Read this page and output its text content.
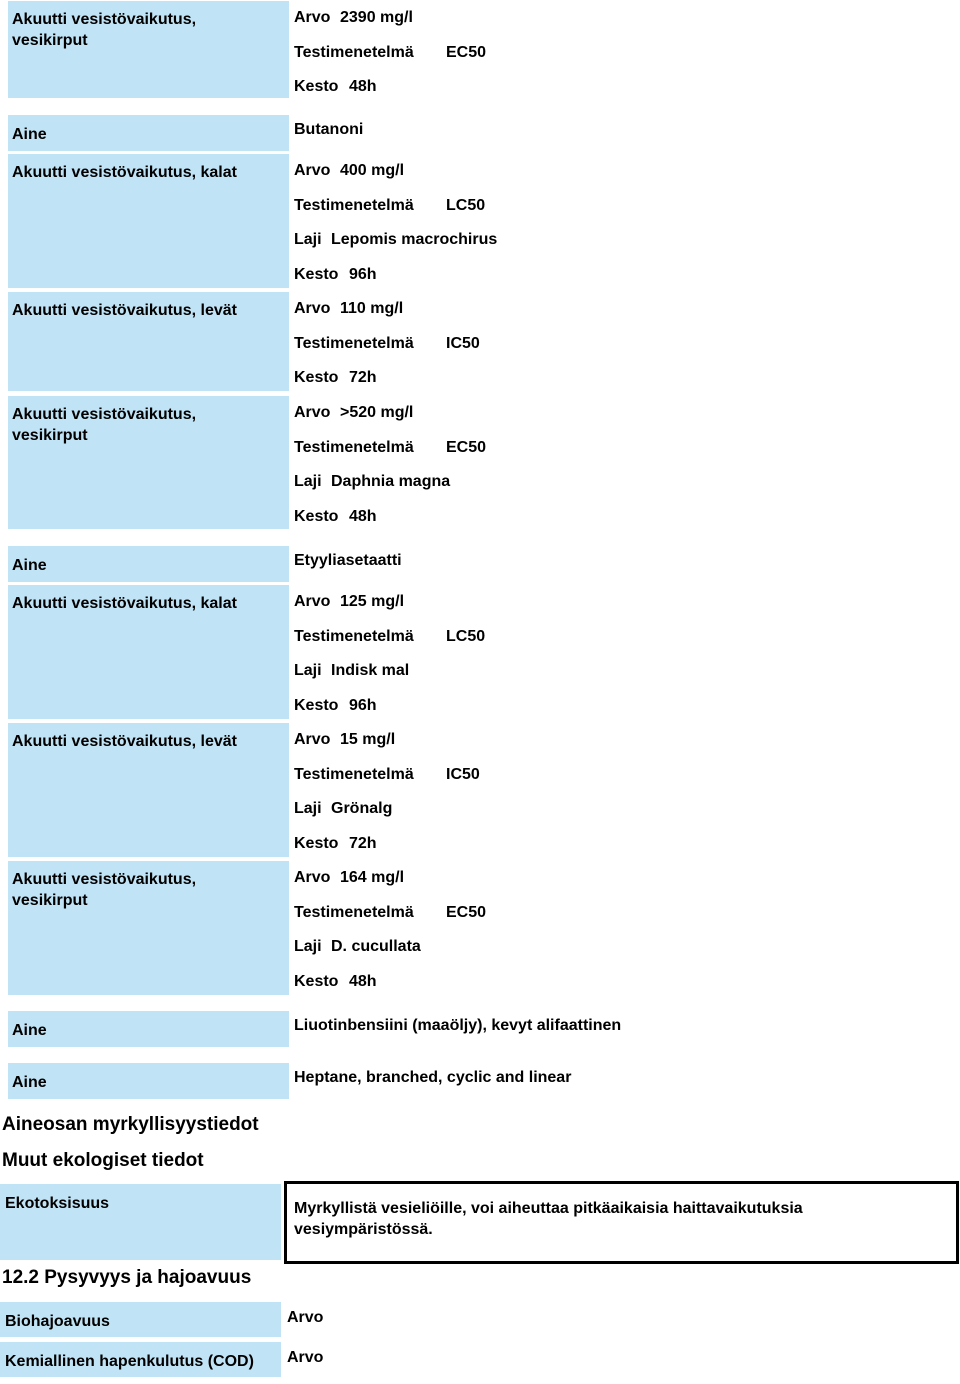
Akuutti vesistövaikutus, vesikirput
Arvo 2390 mg/l
Testimenetelmä EC50
Kesto 48h
Aine	Butanoni
Akuutti vesistövaikutus, kalat	Arvo 400 mg/l
Testimenetelmä LC50
Laji Lepomis macrochirus
Kesto 96h
Akuutti vesistövaikutus, levät	Arvo 110 mg/l
Testimenetelmä IC50
Kesto 72h
Akuutti vesistövaikutus, vesikirput
Arvo >520 mg/l
Testimenetelmä EC50
Laji Daphnia magna
Kesto 48h
Aine	Etyyliasetaatti
Akuutti vesistövaikutus, kalat	Arvo 125 mg/l
Testimenetelmä LC50
Laji Indisk mal
Kesto 96h
Akuutti vesistövaikutus, levät	Arvo 15 mg/l
Testimenetelmä IC50
Laji Grönalg
Kesto 72h
Akuutti vesistövaikutus, vesikirput
Arvo 164 mg/l
Testimenetelmä EC50
Laji D. cucullata
Kesto 48h
Aine	Liuotinbensiini (maaöljy), kevyt alifaattinen
Aine	Heptane, branched, cyclic and linear
Aineosan myrkyllisyystiedot
Muut ekologiset tiedot
Ekotoksisuus	Myrkyllistä vesieliöille, voi aiheuttaa pitkäaikaisia haittavaikutuksia vesiympäristössä.
12.2 Pysyvyys ja hajoavuus
Biohajoavuus	Arvo
Kemiallinen hapenkulutus (COD)	Arvo
